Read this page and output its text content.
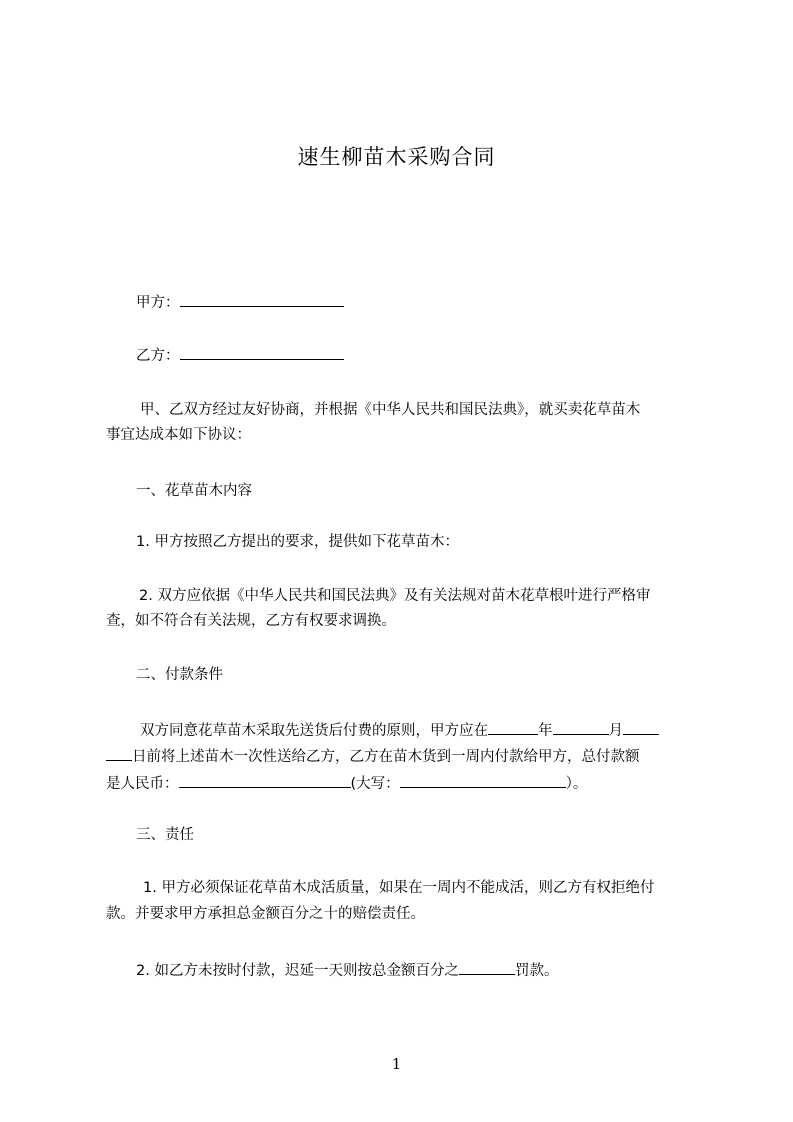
速生柳苗木采购合同
甲方：
乙方：
甲、乙双方经过友好协商，并根据《中华人民共和国民法典》，就买卖花草苗木
事宜达成本如下协议：
一、花草苗木内容
1. 甲方按照乙方提出的要求，提供如下花草苗木：
2. 双方应依据《中华人民共和国民法典》及有关法规对苗木花草根叶进行严格审
查，如不符合有关法规，乙方有权要求调换。
二、付款条件
双方同意花草苗木采取先送货后付费的原则，甲方应在	年	月
日前将上述苗木一次性送给乙方，乙方在苗木货到一周内付款给甲方，总付款额
是人民币：	(大写：	）。
三、责任
1. 甲方必须保证花草苗木成活质量，如果在一周内不能成活，则乙方有权拒绝付
款。并要求甲方承担总金额百分之十的赔偿责任。
2. 如乙方未按时付款，迟延一天则按总金额百分之	罚款。
1
